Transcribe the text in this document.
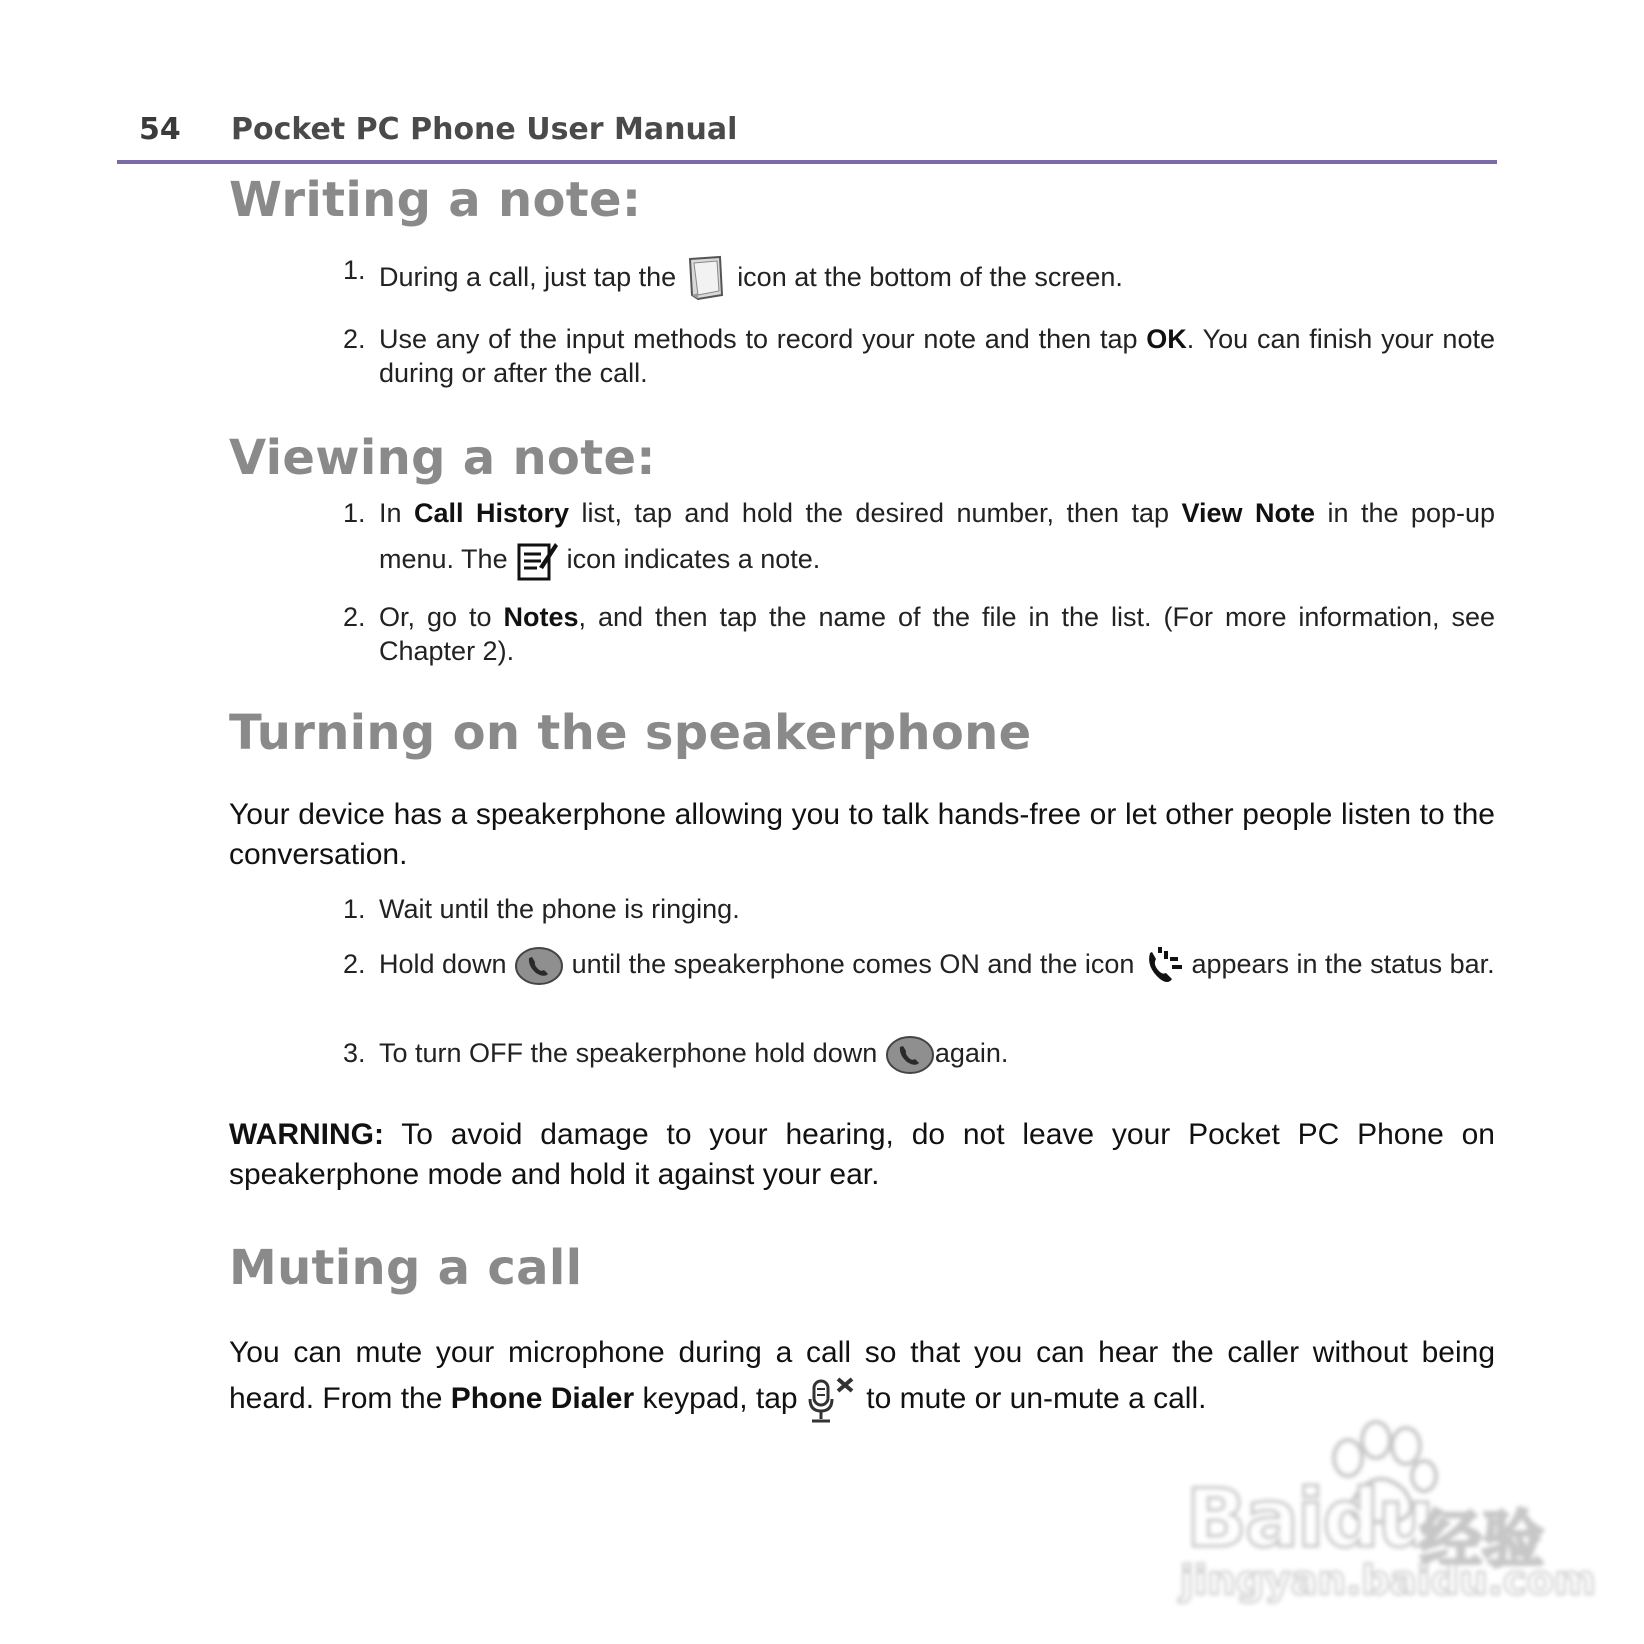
54 Pocket PC Phone User Manual
Writing a note:
1. During a call, just tap the
icon at the bottom of the screen.
2. Use any of the input methods to record your note and then tap OK. You can finish your note during or after the call.
Viewing a note:
1. In Call History list, tap and hold the desired number, then tap View Note in the pop-up menu. The
icon indicates a note.
2. Or, go to Notes, and then tap the name of the file in the list. (For more information, see Chapter 2).
Turning on the speakerphone
Your device has a speakerphone allowing you to talk hands-free or let other people listen to the conversation.
1. Wait until the phone is ringing.
2. Hold down
until the speakerphone comes ON and the icon
appears in the status bar.
3. To turn OFF the speakerphone hold down
again.
WARNING: To avoid damage to your hearing, do not leave your Pocket PC Phone on speakerphone mode and hold it against your ear.
Muting a call
You can mute your microphone during a call so that you can hear the caller without being heard. From the Phone Dialer keypad, tap
to mute or un-mute a call.
Baidu
经验
jingyan.baidu.com
